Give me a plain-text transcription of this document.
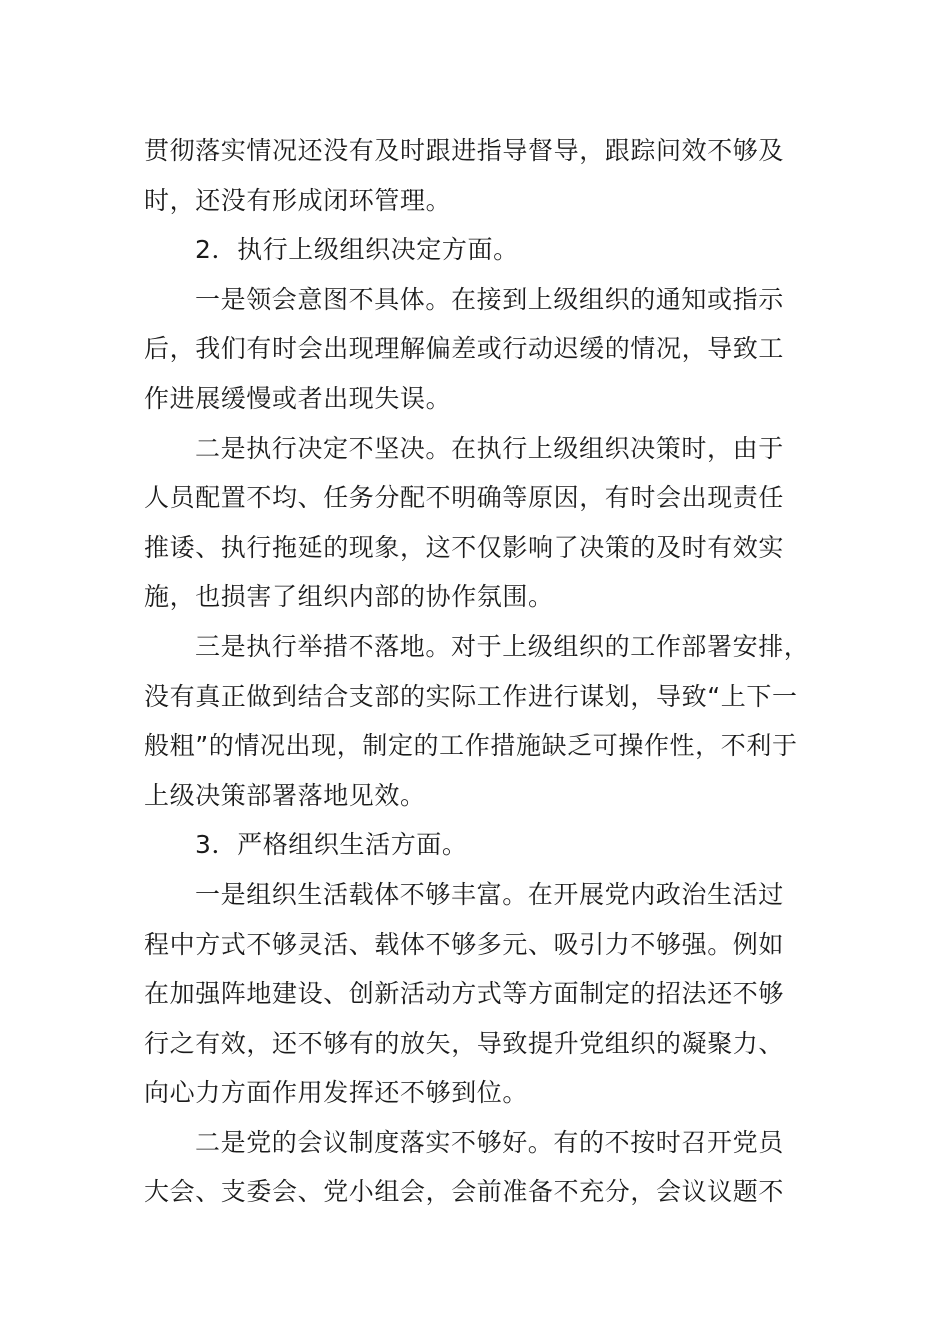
贯彻落实情况还没有及时跟进指导督导，跟踪问效不够及
时，还没有形成闭环管理。
2．执行上级组织决定方面。
一是领会意图不具体。在接到上级组织的通知或指示
后，我们有时会出现理解偏差或行动迟缓的情况，导致工
作进展缓慢或者出现失误。
二是执行决定不坚决。在执行上级组织决策时，由于
人员配置不均、任务分配不明确等原因，有时会出现责任
推诿、执行拖延的现象，这不仅影响了决策的及时有效实
施，也损害了组织内部的协作氛围。
三是执行举措不落地。对于上级组织的工作部署安排，
没有真正做到结合支部的实际工作进行谋划，导致“上下一
般粗”的情况出现，制定的工作措施缺乏可操作性，不利于
上级决策部署落地见效。
3．严格组织生活方面。
一是组织生活载体不够丰富。在开展党内政治生活过
程中方式不够灵活、载体不够多元、吸引力不够强。例如
在加强阵地建设、创新活动方式等方面制定的招法还不够
行之有效，还不够有的放矢，导致提升党组织的凝聚力、
向心力方面作用发挥还不够到位。
二是党的会议制度落实不够好。有的不按时召开党员
大会、支委会、党小组会，会前准备不充分，会议议题不
